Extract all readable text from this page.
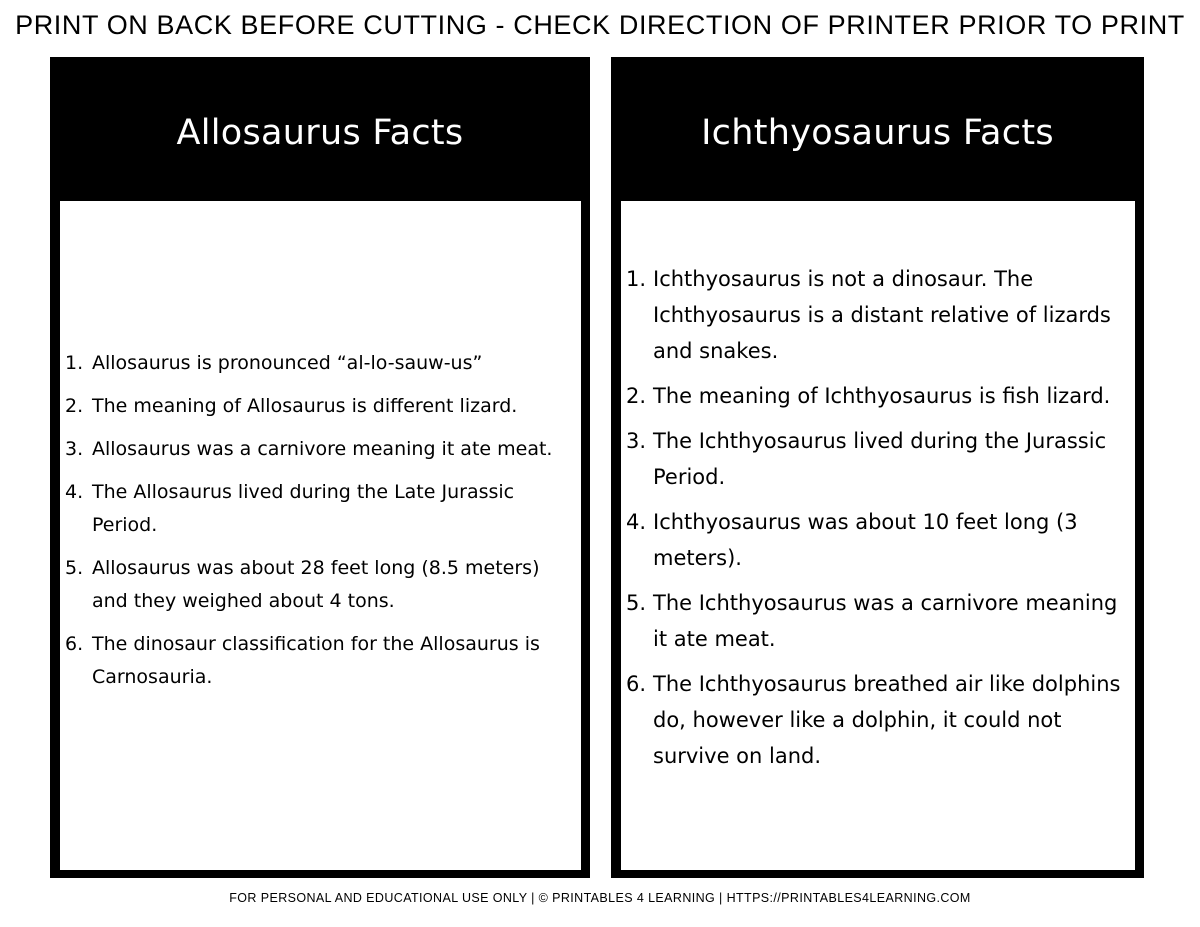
PRINT ON BACK BEFORE CUTTING - CHECK DIRECTION OF PRINTER PRIOR TO PRINT
Allosaurus Facts
1. Allosaurus is pronounced “al-lo-sauw-us”
2. The meaning of Allosaurus is different lizard.
3. Allosaurus was a carnivore meaning it ate meat.
4. The Allosaurus lived during the Late Jurassic Period.
5. Allosaurus was about 28 feet long (8.5 meters) and they weighed about 4 tons.
6. The dinosaur classification for the Allosaurus is Carnosauria.
Ichthyosaurus Facts
1. Ichthyosaurus is not a dinosaur. The Ichthyosaurus is a distant relative of lizards and snakes.
2. The meaning of Ichthyosaurus is fish lizard.
3. The Ichthyosaurus lived during the Jurassic Period.
4. Ichthyosaurus was about 10 feet long (3 meters).
5. The Ichthyosaurus was a carnivore meaning it ate meat.
6. The Ichthyosaurus breathed air like dolphins do, however like a dolphin, it could not survive on land.
FOR PERSONAL AND EDUCATIONAL USE ONLY | © PRINTABLES 4 LEARNING | HTTPS://PRINTABLES4LEARNING.COM
